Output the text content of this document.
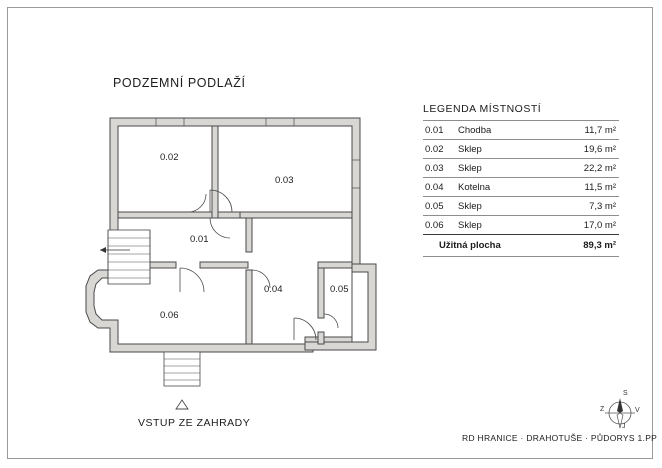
PODZEMNÍ PODLAŽÍ
0.02
0.03
0.01
0.04	0.05
0.06
LEGENDA MÍSTNOSTÍ
0.01	Chodba	11,7 m²
0.02	Sklep	19,6 m²
0.03	Sklep	22,2 m²
0.04	Kotelna	11,5 m²
0.05	Sklep	7,3 m²
0.06	Sklep	17,0 m²
Užitná plocha		89,3 m²
VSTUP ZE ZAHRADY
RD HRANICE · DRAHOTUŠE · PŮDORYS 1.PP
S
V
J
Z
